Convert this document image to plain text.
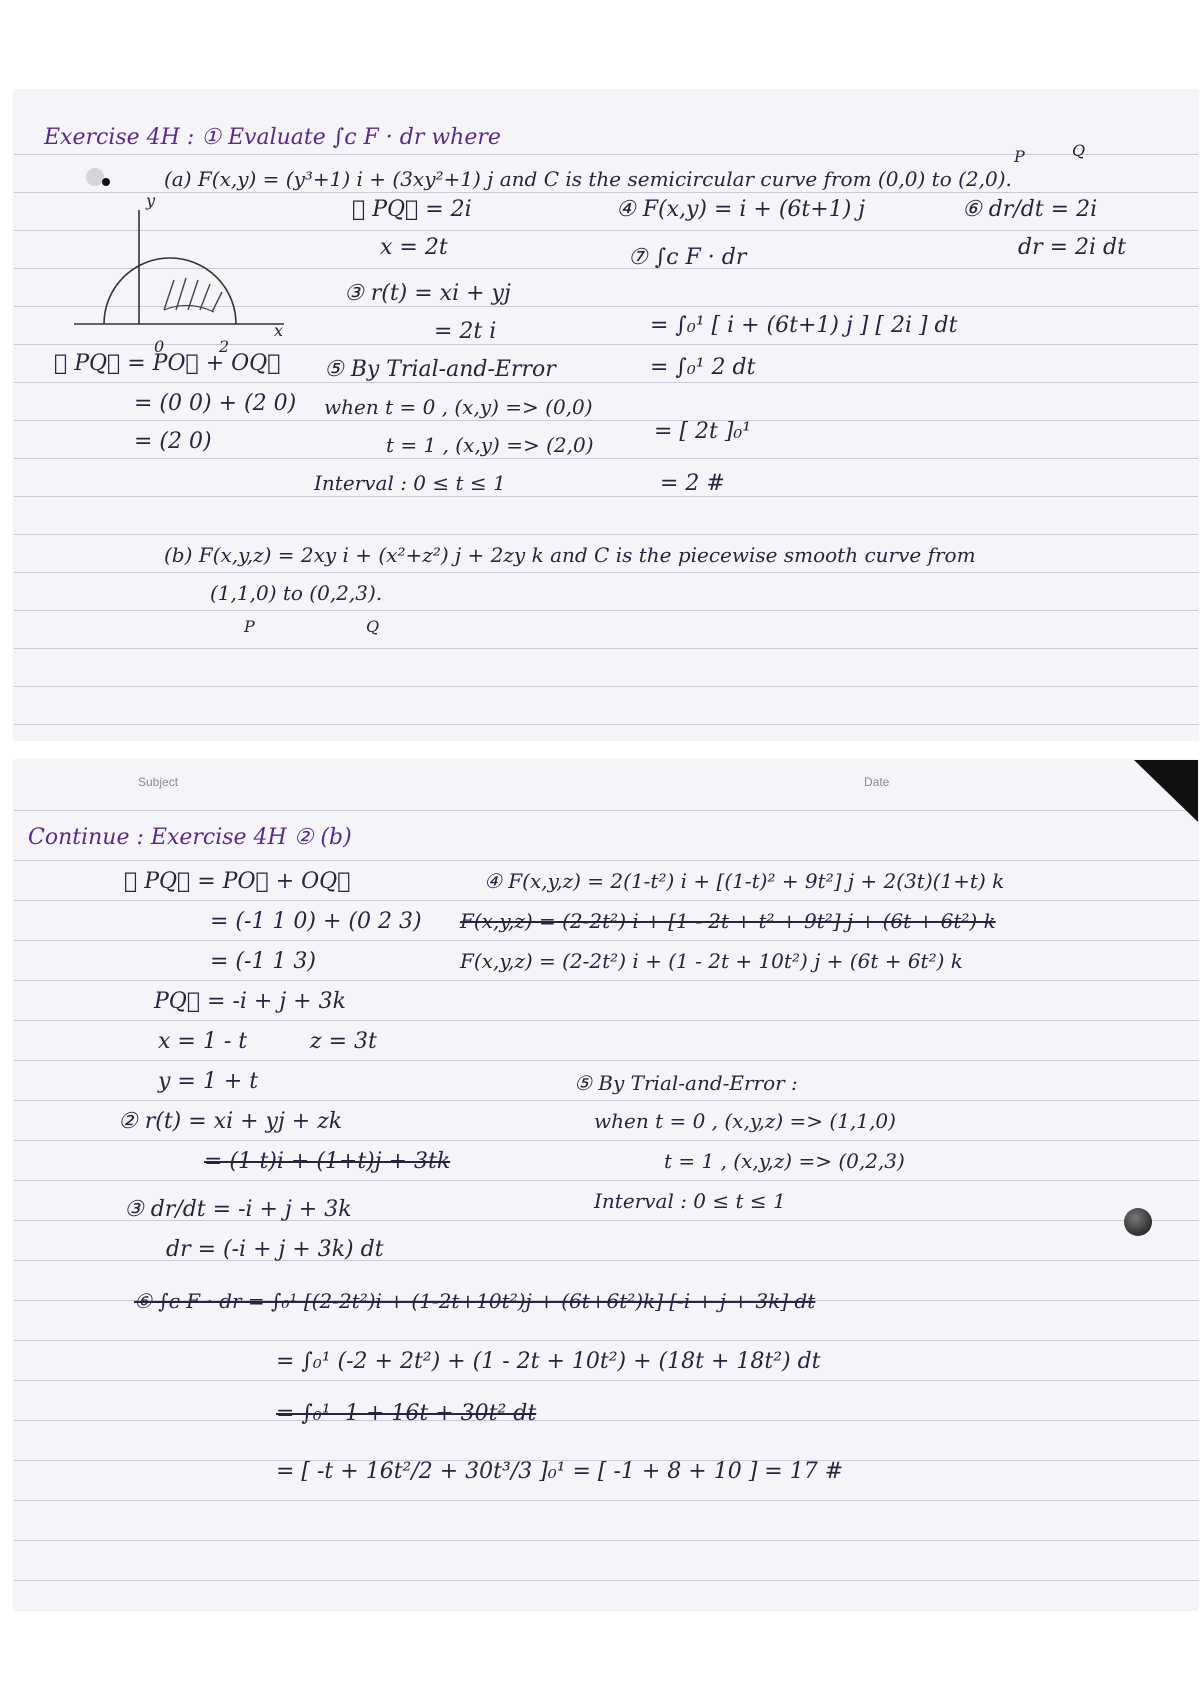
Exercise 4H : ① Evaluate ∫ᴄ F · dr where

(a) F(x,y) = (y³+1) i + (3xy²+1) j and C is the semicircular curve from (0,0) to (2,0).

P	Q

y

x

0	2

② PQ⃗ = 2i

x = 2t

③ r(t) = xi + yj

= 2t i

⑤ By Trial-and-Error

when t = 0 , (x,y) => (0,0)

t = 1 , (x,y) => (2,0)

Interval : 0 ≤ t ≤ 1

① PQ⃗ = PO⃗ + OQ⃗

= (0 0) + (2 0)

= (2 0)

④ F(x,y) = i + (6t+1) j	⑥ dr/dt = 2i

dr = 2i dt

⑦ ∫ᴄ F · dr

= ∫₀¹ [ i + (6t+1) j ] [ 2i ] dt

= ∫₀¹ 2 dt

= [ 2t ]₀¹

= 2 #

(b) F(x,y,z) = 2xy i + (x²+z²) j + 2zy k and C is the piecewise smooth curve from

(1,1,0) to (0,2,3).

P	Q

Subject	Date

Continue : Exercise 4H ② (b)

① PQ⃗ = PO⃗ + OQ⃗

= (-1 1 0) + (0 2 3)

= (-1 1 3)

PQ⃗ = -i + j + 3k

x = 1 - t	z = 3t

y = 1 + t

② r(t) = xi + yj + zk

= (1-t)i + (1+t)j + 3tk

③ dr/dt = -i + j + 3k

dr = (-i + j + 3k) dt

④ F(x,y,z) = 2(1-t²) i + [(1-t)² + 9t²] j + 2(3t)(1+t) k

F(x,y,z) = (2-2t²) i + [1 - 2t + t² + 9t²] j + (6t + 6t²) k

F(x,y,z) = (2-2t²) i + (1 - 2t + 10t²) j + (6t + 6t²) k

⑤ By Trial-and-Error :

when t = 0 , (x,y,z) => (1,1,0)

t = 1 , (x,y,z) => (0,2,3)

Interval : 0 ≤ t ≤ 1

⑥ ∫ᴄ F · dr = ∫₀¹ [(2-2t²)i + (1-2t+10t²)j + (6t+6t²)k] [-i + j + 3k] dt

= ∫₀¹ (-2 + 2t²) + (1 - 2t + 10t²) + (18t + 18t²) dt

= ∫₀¹ -1 + 16t + 30t² dt

= [ -t + 16t²/2 + 30t³/3 ]₀¹ = [ -1 + 8 + 10 ] = 17 #
